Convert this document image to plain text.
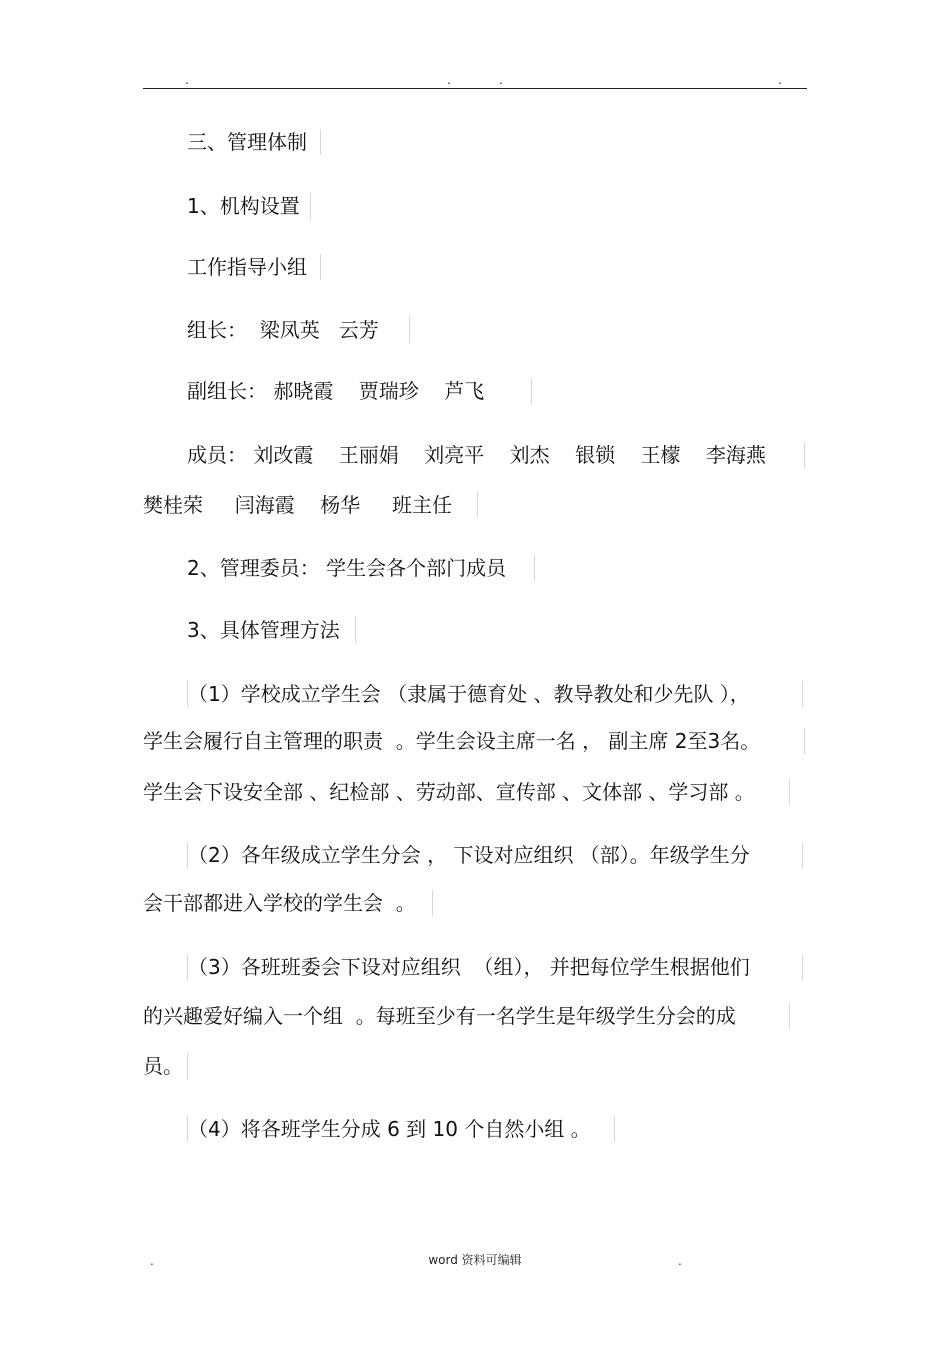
.	.	.	.
三、管理体制
1、机构设置
工作指导小组
组长：  梁凤英   云芳
副组长： 郝晓霞    贾瑞珍    芦飞
成员： 刘改霞    王丽娟    刘亮平    刘杰    银锁    王檬    李海燕
樊桂荣     闫海霞    杨华     班主任
2、管理委员： 学生会各个部门成员
3、具体管理方法
（1）学校成立学生会 （隶属于德育处 、教导教处和少先队 ），
学生会履行自主管理的职责  。学生会设主席一名 ， 副主席 2至3名。
学生会下设安全部 、纪检部 、劳动部、宣传部 、文体部 、学习部 。
（2）各年级成立学生分会 ， 下设对应组织 （部）。年级学生分
会干部都进入学校的学生会  。
（3）各班班委会下设对应组织  （组）， 并把每位学生根据他们
的兴趣爱好编入一个组  。每班至少有一名学生是年级学生分会的成
员。
（4）将各班学生分成 6 到 10 个自然小组 。
.	word 资料可编辑	.
